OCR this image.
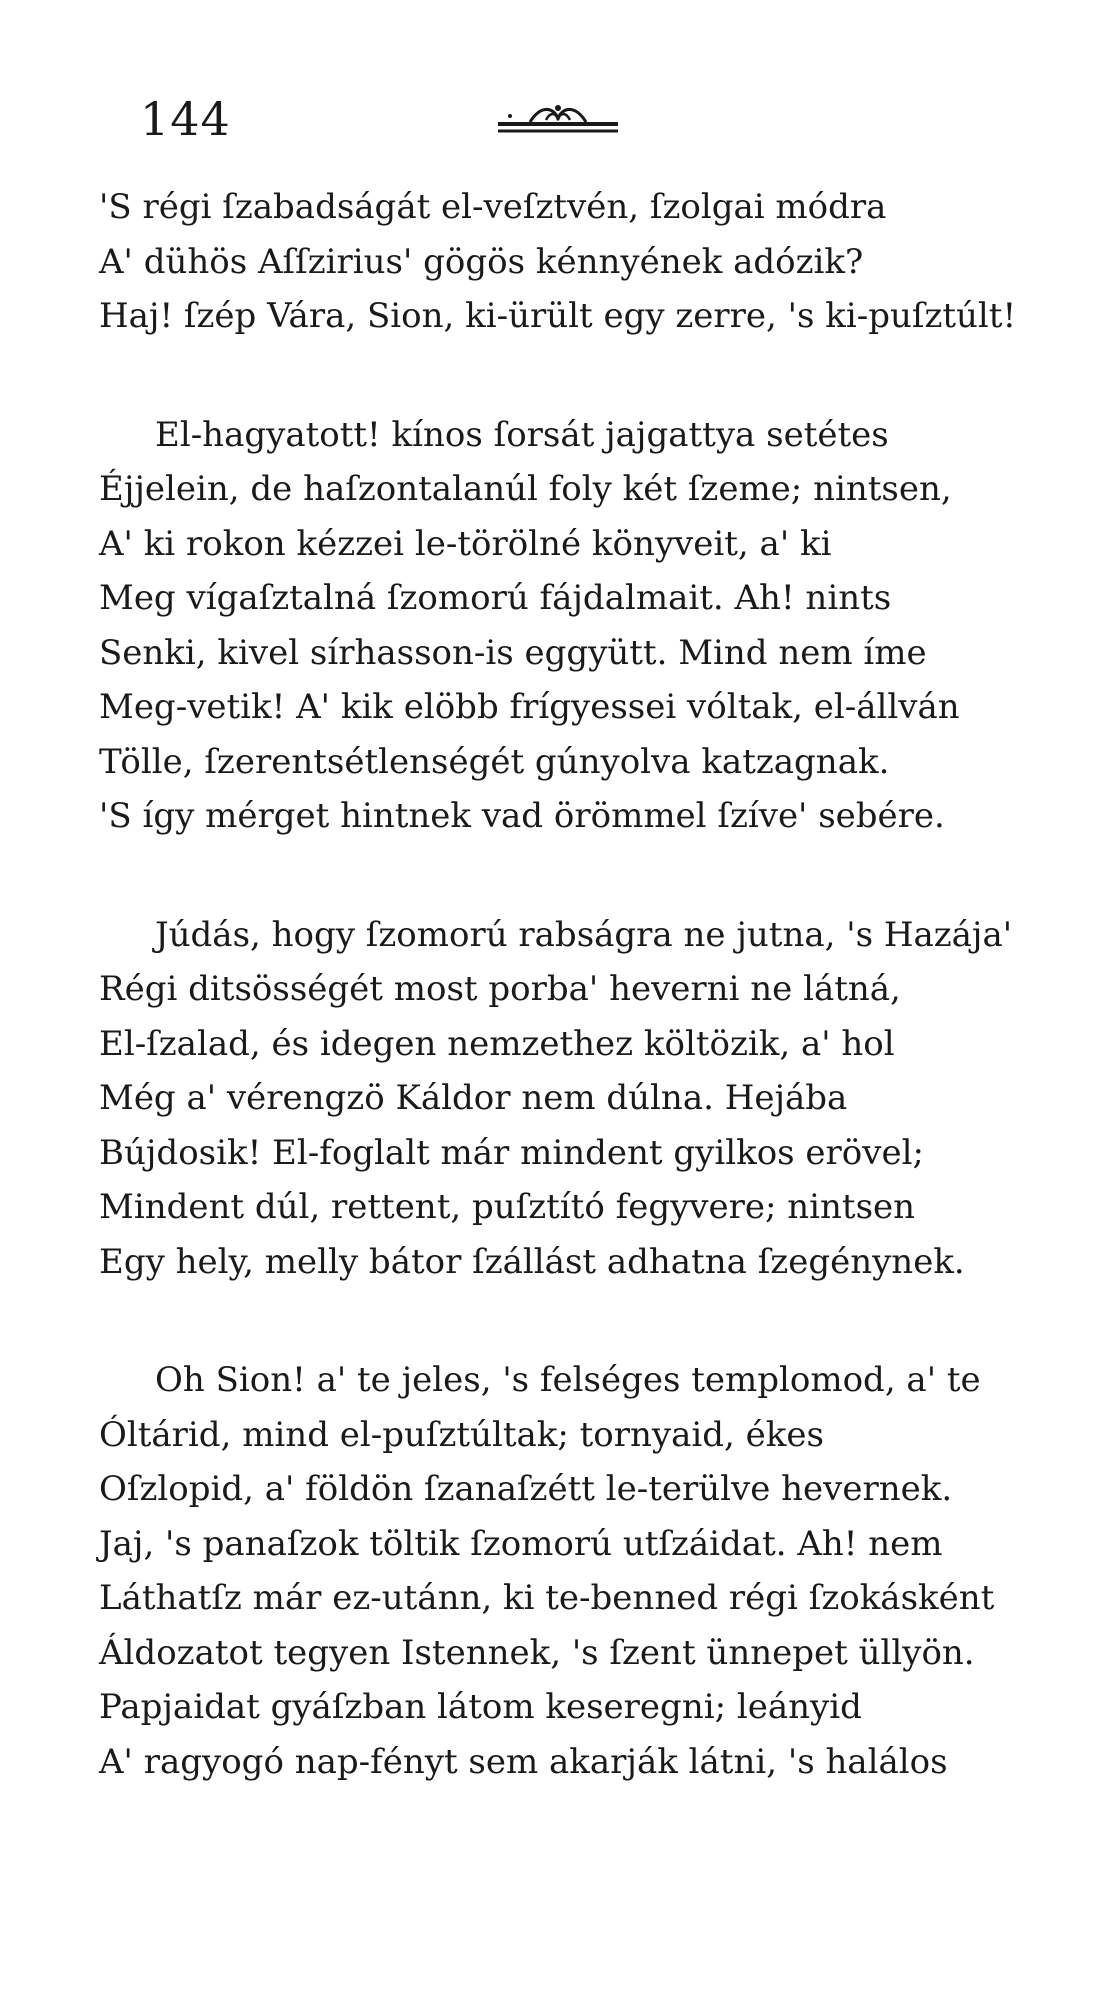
144

'S régi ſzabadságát el-veſztvén, ſzolgai módra
A' dühös Aſſzirius' gögös kénnyének adózik?
Haj! ſzép Vára, Sion, ki-ürült egy zerre, 's ki-puſztúlt!

El-hagyatott! kínos ſorsát jajgattya setétes
Éjjelein, de haſzontalanúl foly két ſzeme; nintsen,
A' ki rokon kézzei le-törölné könyveit, a' ki
Meg vígaſztalná ſzomorú fájdalmait. Ah! nints
Senki, kivel sírhasson-is eggyütt. Mind nem íme
Meg-vetik! A' kik elöbb frígyessei vóltak, el-állván
Tölle, ſzerentsétlenségét gúnyolva katzagnak.
'S így mérget hintnek vad örömmel ſzíve' sebére.

Júdás, hogy ſzomorú rabságra ne jutna, 's Hazája'
Régi ditsösségét most porba' heverni ne látná,
El-ſzalad, és idegen nemzethez költözik, a' hol
Még a' vérengzö Káldor nem dúlna. Hejába
Bújdosik! El-foglalt már mindent gyilkos erövel;
Mindent dúl, rettent, puſztító fegyvere; nintsen
Egy hely, melly bátor ſzállást adhatna ſzegénynek.

Oh Sion! a' te jeles, 's felséges templomod, a' te
Óltárid, mind el-puſztúltak; tornyaid, ékes
Oſzlopid, a' földön ſzanaſzétt le-terülve hevernek.
Jaj, 's panaſzok töltik ſzomorú utſzáidat. Ah! nem
Láthatſz már ez-utánn, ki te-benned régi ſzokásként
Áldozatot tegyen Istennek, 's ſzent ünnepet üllyön.
Papjaidat gyáſzban látom keseregni; leányid
A' ragyogó nap-fényt sem akarják látni, 's halálos
